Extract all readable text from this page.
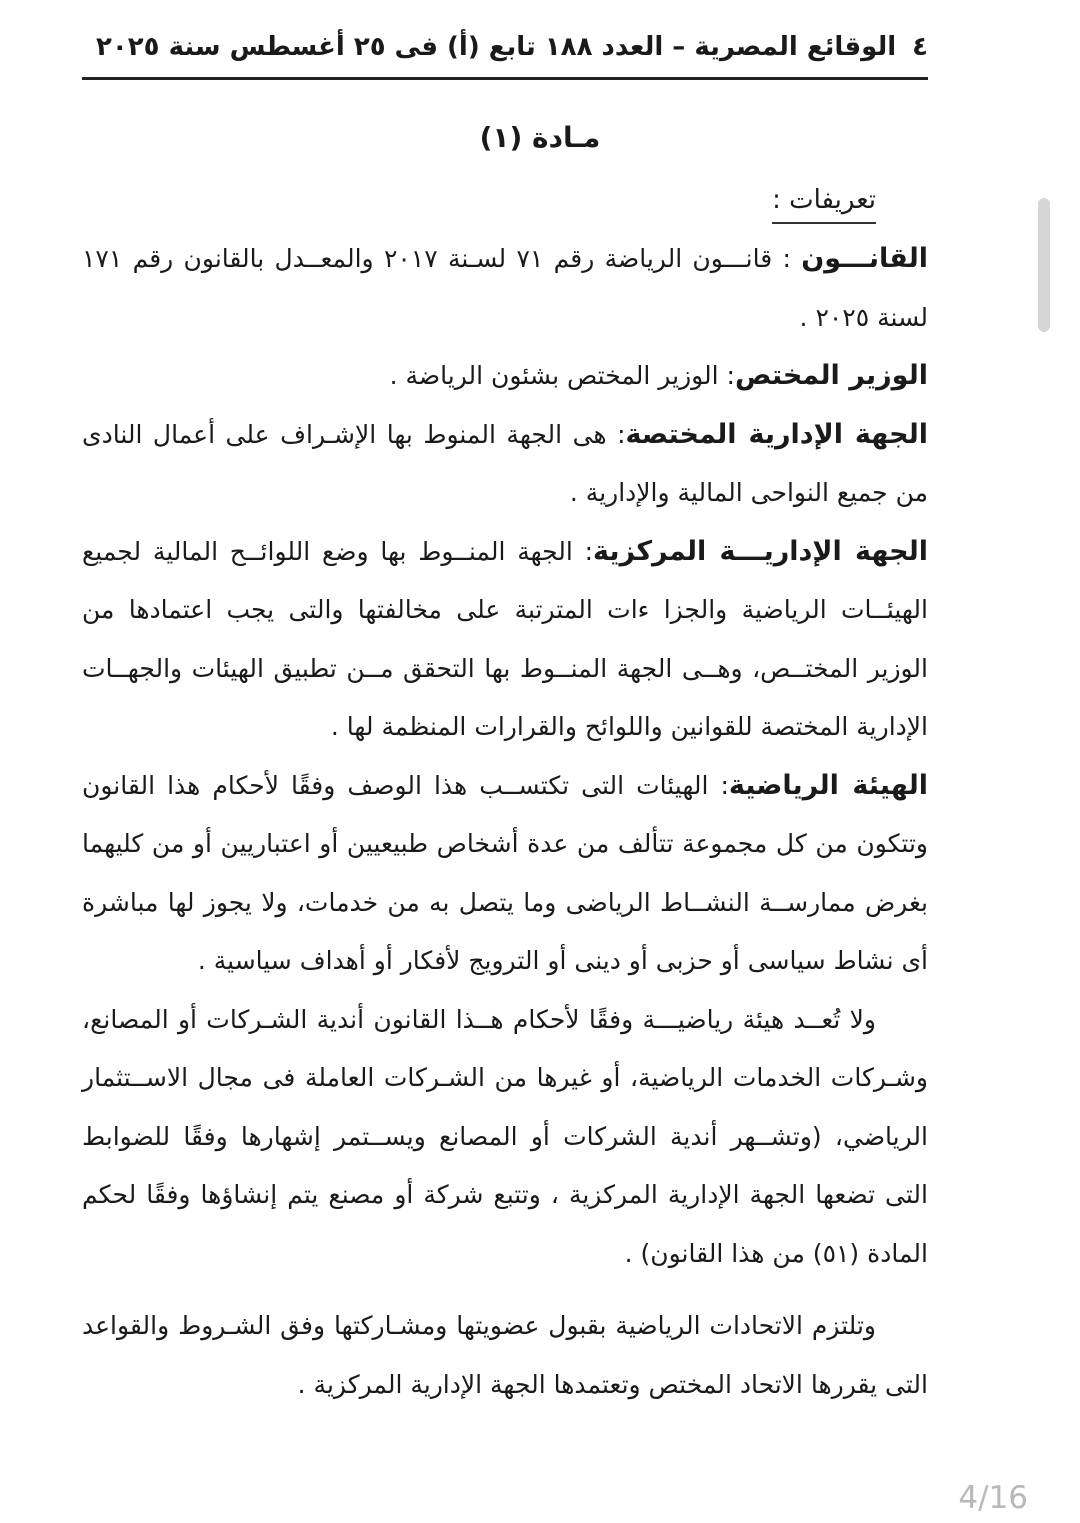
٤الوقائع المصرية – العدد ١٨٨ تابع (أ) فى ٢٥ أغسطس سنة ٢٠٢٥
مـادة (١)
تعريفات :

القانـــون : قانـــون الرياضة رقم ٧١ لسـنة ٢٠١٧ والمعــدل بالقانون رقم ١٧١ لسنة ٢٠٢٥ .

الوزير المختص: الوزير المختص بشئون الرياضة .

الجهة الإدارية المختصة: هى الجهة المنوط بها الإشـراف على أعمال النادى من جميع النواحى المالية والإدارية .

الجهة الإداريـــة المركزية: الجهة المنــوط بها وضع اللوائــح المالية لجميع الهيئــات الرياضية والجزا ءات المترتبة على مخالفتها والتى يجب اعتمادها من الوزير المختــص، وهــى الجهة المنــوط بها التحقق مــن تطبيق الهيئات والجهــات الإدارية المختصة للقوانين واللوائح والقرارات المنظمة لها .

الهيئة الرياضية: الهيئات التى تكتســب هذا الوصف وفقًا لأحكام هذا القانون وتتكون من كل مجموعة تتألف من عدة أشخاص طبيعيين أو اعتباريين أو من كليهما بغرض ممارســة النشــاط الرياضى وما يتصل به من خدمات، ولا يجوز لها مباشرة أى نشاط سياسى أو حزبى أو دينى أو الترويج لأفكار أو أهداف سياسية .

ولا تُعــد هيئة رياضيـــة وفقًا لأحكام هــذا القانون أندية الشـركات أو المصانع، وشـركات الخدمات الرياضية، أو غيرها من الشـركات العاملة فى مجال الاســتثمار الرياضي، (وتشــهر أندية الشركات أو المصانع ويســتمر إشهارها وفقًا للضوابط التى تضعها الجهة الإدارية المركزية ، وتتبع شركة أو مصنع يتم إنشاؤها وفقًا لحكم المادة (٥١) من هذا القانون) .

وتلتزم الاتحادات الرياضية بقبول عضويتها ومشـاركتها وفق الشـروط والقواعد التى يقررها الاتحاد المختص وتعتمدها الجهة الإدارية المركزية .

4/16
